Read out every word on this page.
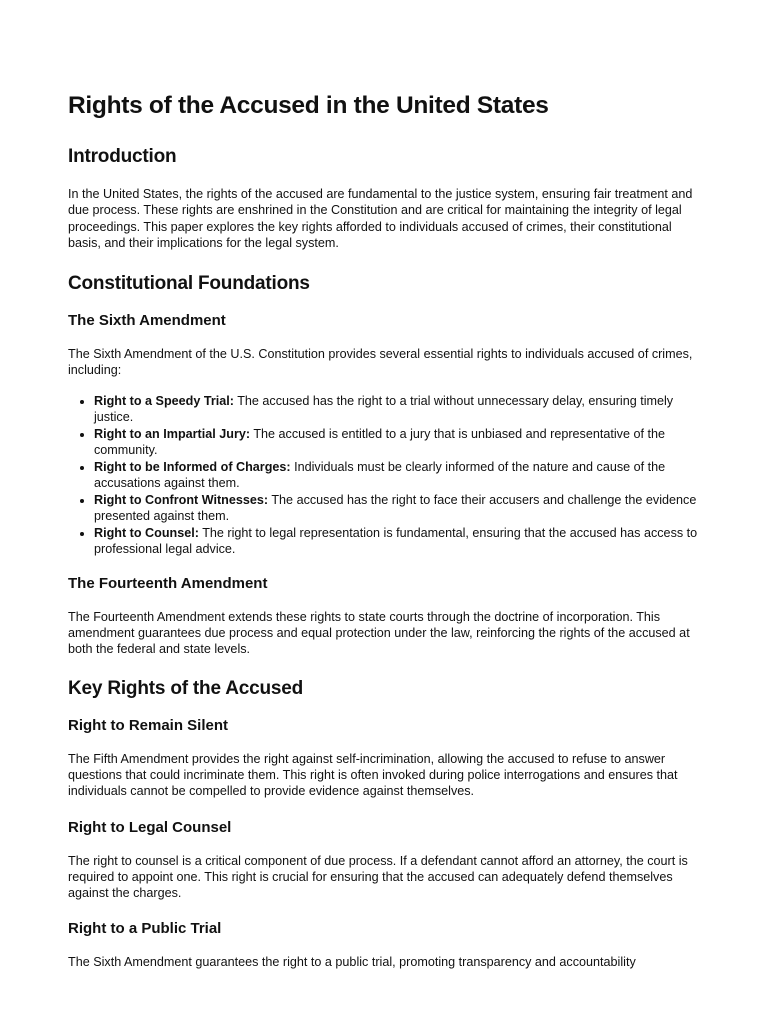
Rights of the Accused in the United States
Introduction

In the United States, the rights of the accused are fundamental to the justice system, ensuring fair treatment and due process. These rights are enshrined in the Constitution and are critical for maintaining the integrity of legal proceedings. This paper explores the key rights afforded to individuals accused of crimes, their constitutional basis, and their implications for the legal system.

Constitutional Foundations
The Sixth Amendment

The Sixth Amendment of the U.S. Constitution provides several essential rights to individuals accused of crimes, including:

• Right to a Speedy Trial: The accused has the right to a trial without unnecessary delay, ensuring timely justice.
• Right to an Impartial Jury: The accused is entitled to a jury that is unbiased and representative of the community.
• Right to be Informed of Charges: Individuals must be clearly informed of the nature and cause of the accusations against them.
• Right to Confront Witnesses: The accused has the right to face their accusers and challenge the evidence presented against them.
• Right to Counsel: The right to legal representation is fundamental, ensuring that the accused has access to professional legal advice.
The Fourteenth Amendment

The Fourteenth Amendment extends these rights to state courts through the doctrine of incorporation. This amendment guarantees due process and equal protection under the law, reinforcing the rights of the accused at both the federal and state levels.

Key Rights of the Accused
Right to Remain Silent

The Fifth Amendment provides the right against self-incrimination, allowing the accused to refuse to answer questions that could incriminate them. This right is often invoked during police interrogations and ensures that individuals cannot be compelled to provide evidence against themselves.

Right to Legal Counsel

The right to counsel is a critical component of due process. If a defendant cannot afford an attorney, the court is required to appoint one. This right is crucial for ensuring that the accused can adequately defend themselves against the charges.

Right to a Public Trial

The Sixth Amendment guarantees the right to a public trial, promoting transparency and accountability
